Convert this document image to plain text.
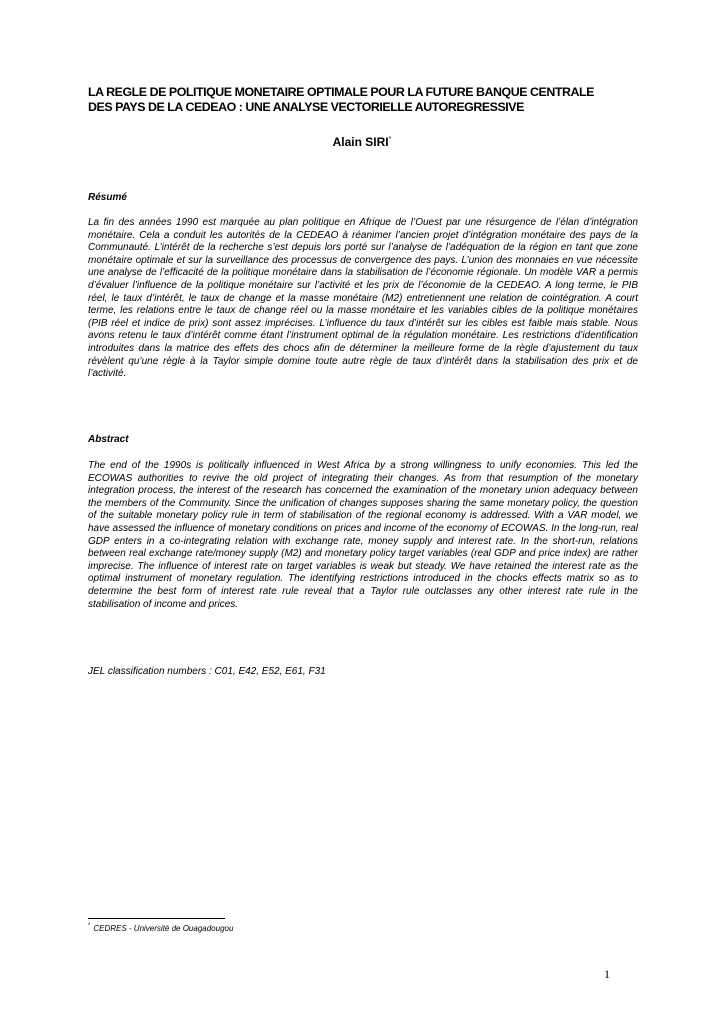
LA REGLE DE POLITIQUE MONETAIRE OPTIMALE POUR LA FUTURE BANQUE CENTRALE
DES PAYS DE LA CEDEAO : UNE ANALYSE VECTORIELLE AUTOREGRESSIVE

Alain SIRI*

Résumé

La fin des années 1990 est marquée au plan politique en Afrique de l’Ouest par une résurgence de l’élan d’intégration monétaire. Cela a conduit les autorités de la CEDEAO à réanimer l’ancien projet d’intégration monétaire des pays de la Communauté. L’intérêt de la recherche s’est depuis lors porté sur l’analyse de l’adéquation de la région en tant que zone monétaire optimale et sur la surveillance des processus de convergence des pays. L’union des monnaies en vue nécessite une analyse de l’efficacité de la politique monétaire dans la stabilisation de l’économie régionale. Un modèle VAR a permis d’évaluer l’influence de la politique monétaire sur l’activité et les prix de l’économie de la CEDEAO. A long terme, le PIB réel, le taux d’intérêt, le taux de change et la masse monétaire (M2) entretiennent une relation de cointégration. A court terme, les relations entre le taux de change réel ou la masse monétaire et les variables cibles de la politique monétaires (PIB réel et indice de prix) sont assez imprécises. L’influence du taux d’intérêt sur les cibles est faible mais stable. Nous avons retenu le taux d’intérêt comme étant l’instrument optimal de la régulation monétaire. Les restrictions d’identification introduites dans la matrice des effets des chocs afin de déterminer la meilleure forme de la règle d’ajustement du taux révèlent qu’une règle à la Taylor simple domine toute autre règle de taux d’intérêt dans la stabilisation des prix et de l’activité.

Abstract

The end of the 1990s is politically influenced in West Africa by a strong willingness to unify economies. This led the ECOWAS authorities to revive the old project of integrating their changes. As from that resumption of the monetary integration process, the interest of the research has concerned the examination of the monetary union adequacy between the members of the Community. Since the unification of changes supposes sharing the same monetary policy, the question of the suitable monetary policy rule in term of stabilisation of the regional economy is addressed. With a VAR model, we have assessed the influence of monetary conditions on prices and income of the economy of ECOWAS. In the long-run, real GDP enters in a co-integrating relation with exchange rate, money supply and interest rate. In the short-run, relations between real exchange rate/money supply (M2) and monetary policy target variables (real GDP and price index) are rather imprecise. The influence of interest rate on target variables is weak but steady. We have retained the interest rate as the optimal instrument of monetary regulation. The identifying restrictions introduced in the chocks effects matrix so as to determine the best form of interest rate rule reveal that a Taylor rule outclasses any other interest rate rule in the stabilisation of income and prices.

JEL classification numbers : C01, E42, E52, E61, F31

* CEDRES - Université de Ouagadougou

1
